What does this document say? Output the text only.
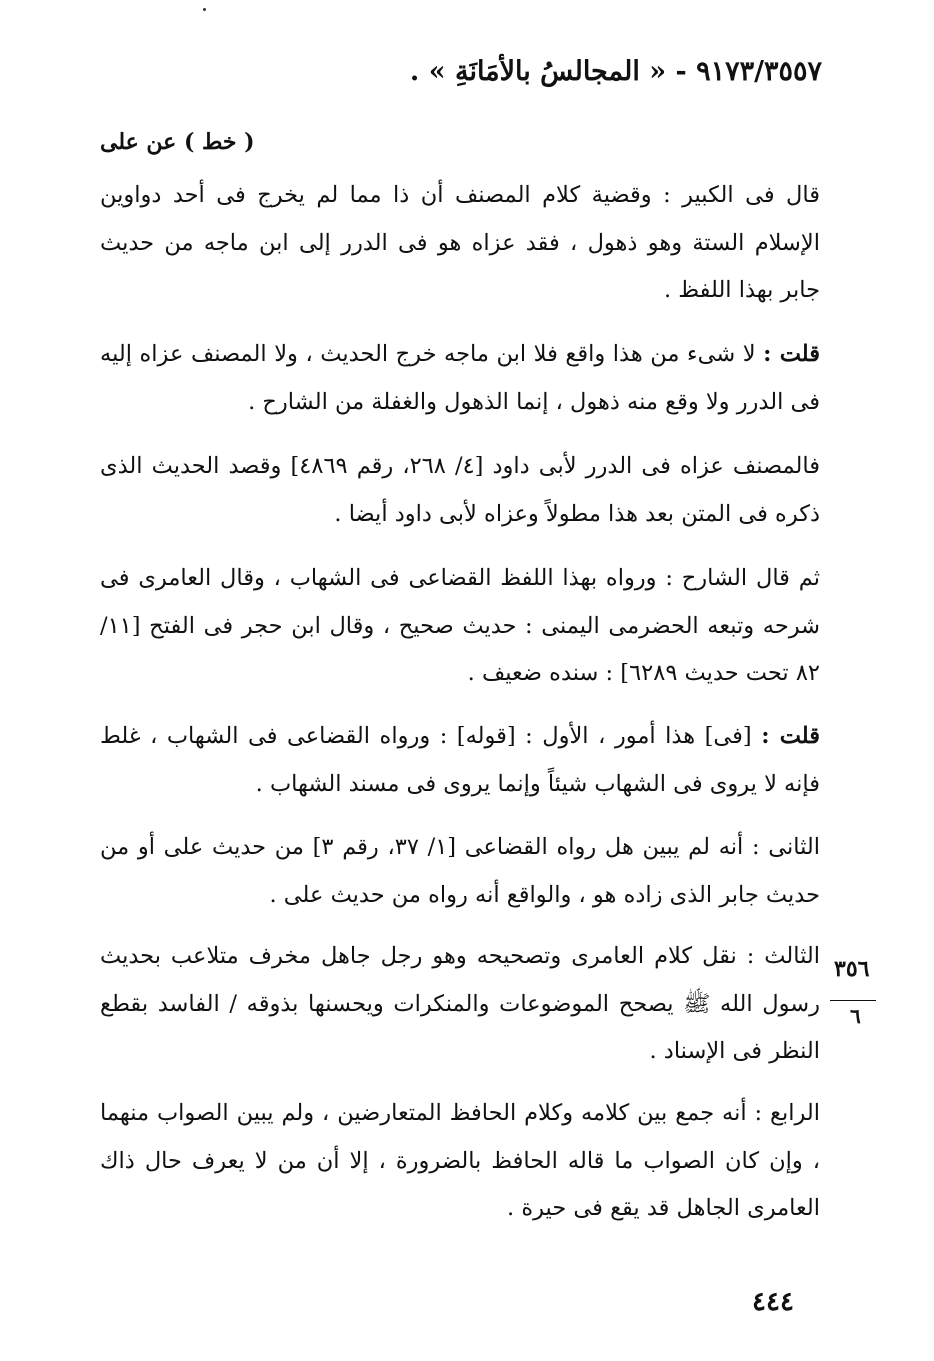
٩١٧٣/٣٥٥٧ - « المجالسُ بالأمَانَةِ » .
( خط ) عن على
قال فى الكبير : وقضية كلام المصنف أن ذا مما لم يخرج فى أحد دواوين الإسلام الستة وهو ذهول ، فقد عزاه هو فى الدرر إلى ابن ماجه من حديث جابر بهذا اللفظ .
قلت : لا شىء من هذا واقع فلا ابن ماجه خرج الحديث ، ولا المصنف عزاه إليه فى الدرر ولا وقع منه ذهول ، إنما الذهول والغفلة من الشارح .
فالمصنف عزاه فى الدرر لأبى داود [٤/ ٢٦٨، رقم ٤٨٦٩] وقصد الحديث الذى ذكره فى المتن بعد هذا مطولاً وعزاه لأبى داود أيضا .
ثم قال الشارح : ورواه بهذا اللفظ القضاعى فى الشهاب ، وقال العامرى فى شرحه وتبعه الحضرمى اليمنى : حديث صحيح ، وقال ابن حجر فى الفتح [١١/ ٨٢ تحت حديث ٦٢٨٩] : سنده ضعيف .
قلت : [فى] هذا أمور ، الأول : [قوله] : ورواه القضاعى فى الشهاب ، غلط فإنه لا يروى فى الشهاب شيئاً وإنما يروى فى مسند الشهاب .
الثانى : أنه لم يبين هل رواه القضاعى [١/ ٣٧، رقم ٣] من حديث على أو من حديث جابر الذى زاده هو ، والواقع أنه رواه من حديث على .
الثالث : نقل كلام العامرى وتصحيحه وهو رجل جاهل مخرف متلاعب بحديث رسول الله ﷺ يصحح الموضوعات والمنكرات ويحسنها بذوقه / الفاسد بقطع النظر فى الإسناد .
الرابع : أنه جمع بين كلامه وكلام الحافظ المتعارضين ، ولم يبين الصواب منهما ، وإن كان الصواب ما قاله الحافظ بالضرورة ، إلا أن من لا يعرف حال ذاك العامرى الجاهل قد يقع فى حيرة .
٣٥٦
٦
٤٤٤
